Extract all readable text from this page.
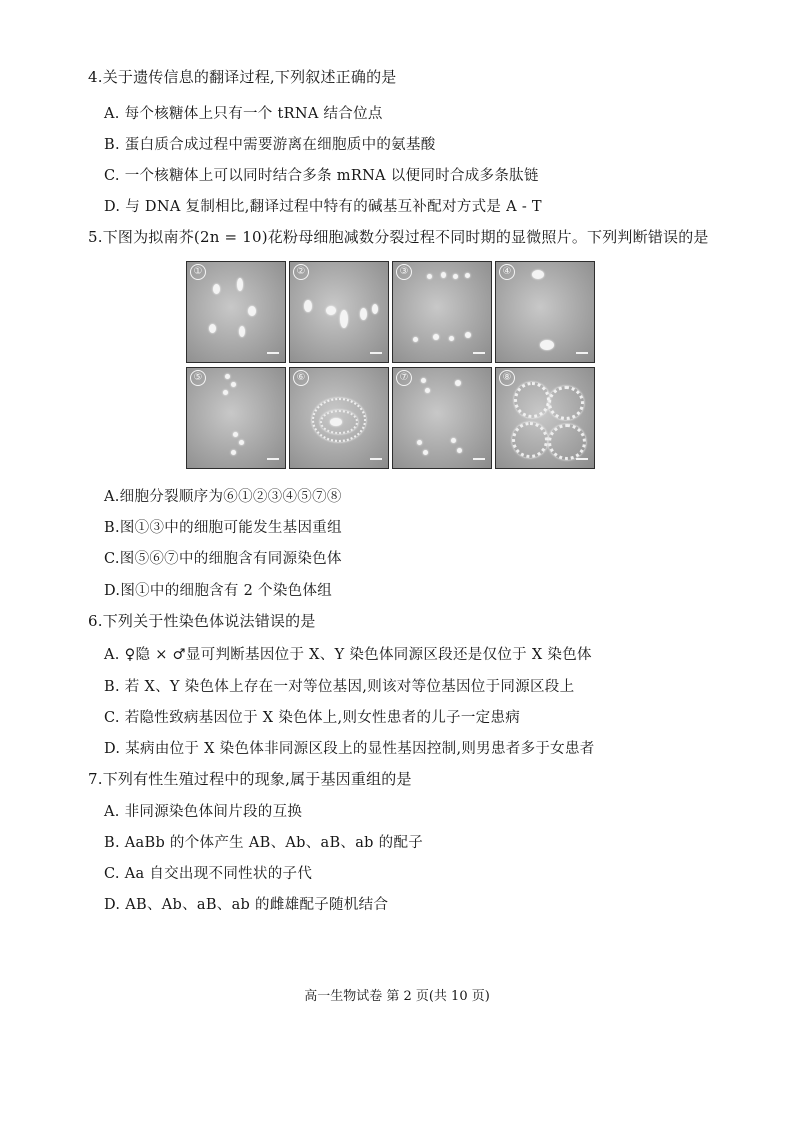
4.关于遗传信息的翻译过程,下列叙述正确的是
A. 每个核糖体上只有一个 tRNA 结合位点
B. 蛋白质合成过程中需要游离在细胞质中的氨基酸
C. 一个核糖体上可以同时结合多条 mRNA 以便同时合成多条肽链
D. 与 DNA 复制相比,翻译过程中特有的碱基互补配对方式是 A - T
5.下图为拟南芥(2n = 10)花粉母细胞减数分裂过程不同时期的显微照片。下列判断错误的是
①	②	③	④
⑤	⑥	⑦	⑧
A.细胞分裂顺序为⑥①②③④⑤⑦⑧
B.图①③中的细胞可能发生基因重组
C.图⑤⑥⑦中的细胞含有同源染色体
D.图①中的细胞含有 2 个染色体组
6.下列关于性染色体说法错误的是
A. ♀隐 × ♂显可判断基因位于 X、Y 染色体同源区段还是仅位于 X 染色体
B. 若 X、Y 染色体上存在一对等位基因,则该对等位基因位于同源区段上
C. 若隐性致病基因位于 X 染色体上,则女性患者的儿子一定患病
D. 某病由位于 X 染色体非同源区段上的显性基因控制,则男患者多于女患者
7.下列有性生殖过程中的现象,属于基因重组的是
A. 非同源染色体间片段的互换
B. AaBb 的个体产生 AB、Ab、aB、ab 的配子
C. Aa 自交出现不同性状的子代
D. AB、Ab、aB、ab 的雌雄配子随机结合
高一生物试卷 第 2 页(共 10 页)
